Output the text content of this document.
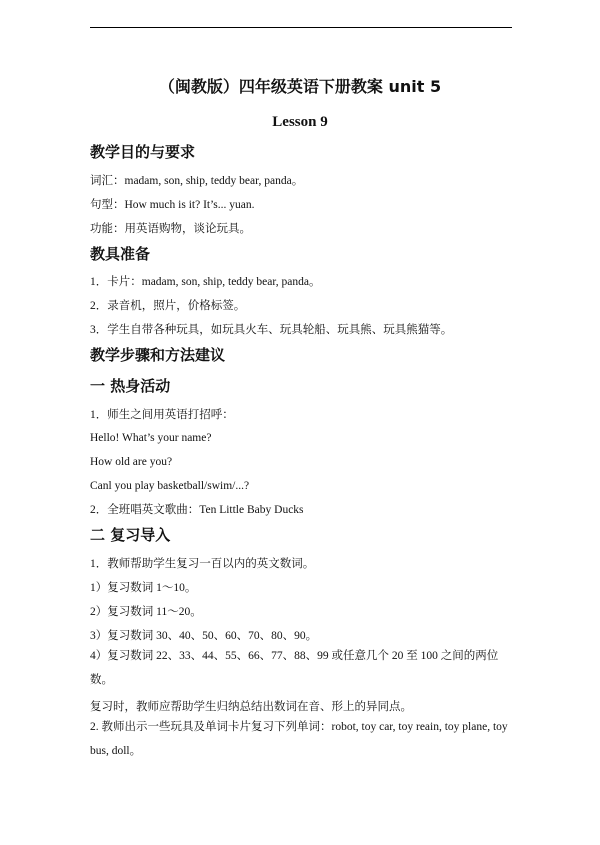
（闽教版）四年级英语下册教案 unit 5
Lesson 9
教学目的与要求
词汇：madam, son, ship, teddy bear, panda。
句型：How much is it? It’s... yuan.
功能：用英语购物，谈论玩具。
教具准备
1．卡片：madam, son, ship, teddy bear, panda。
2．录音机，照片，价格标签。
3．学生自带各种玩具，如玩具火车、玩具轮船、玩具熊、玩具熊猫等。
教学步骤和方法建议
一 热身活动
1．师生之间用英语打招呼：
Hello! What’s your name?
How old are you?
Canl you play basketball/swim/...?
2．全班唱英文歌曲：Ten Little Baby Ducks
二 复习导入
1．教师帮助学生复习一百以内的英文数词。
1）复习数词 1～10。
2）复习数词 11～20。
3）复习数词 30、40、50、60、70、80、90。
4）复习数词 22、33、44、55、66、77、88、99 或任意几个 20 至 100 之间的两位数。
复习时，教师应帮助学生归纳总结出数词在音、形上的异同点。
2. 教师出示一些玩具及单词卡片复习下列单词：robot, toy car, toy reain, toy plane, toy bus, doll。
